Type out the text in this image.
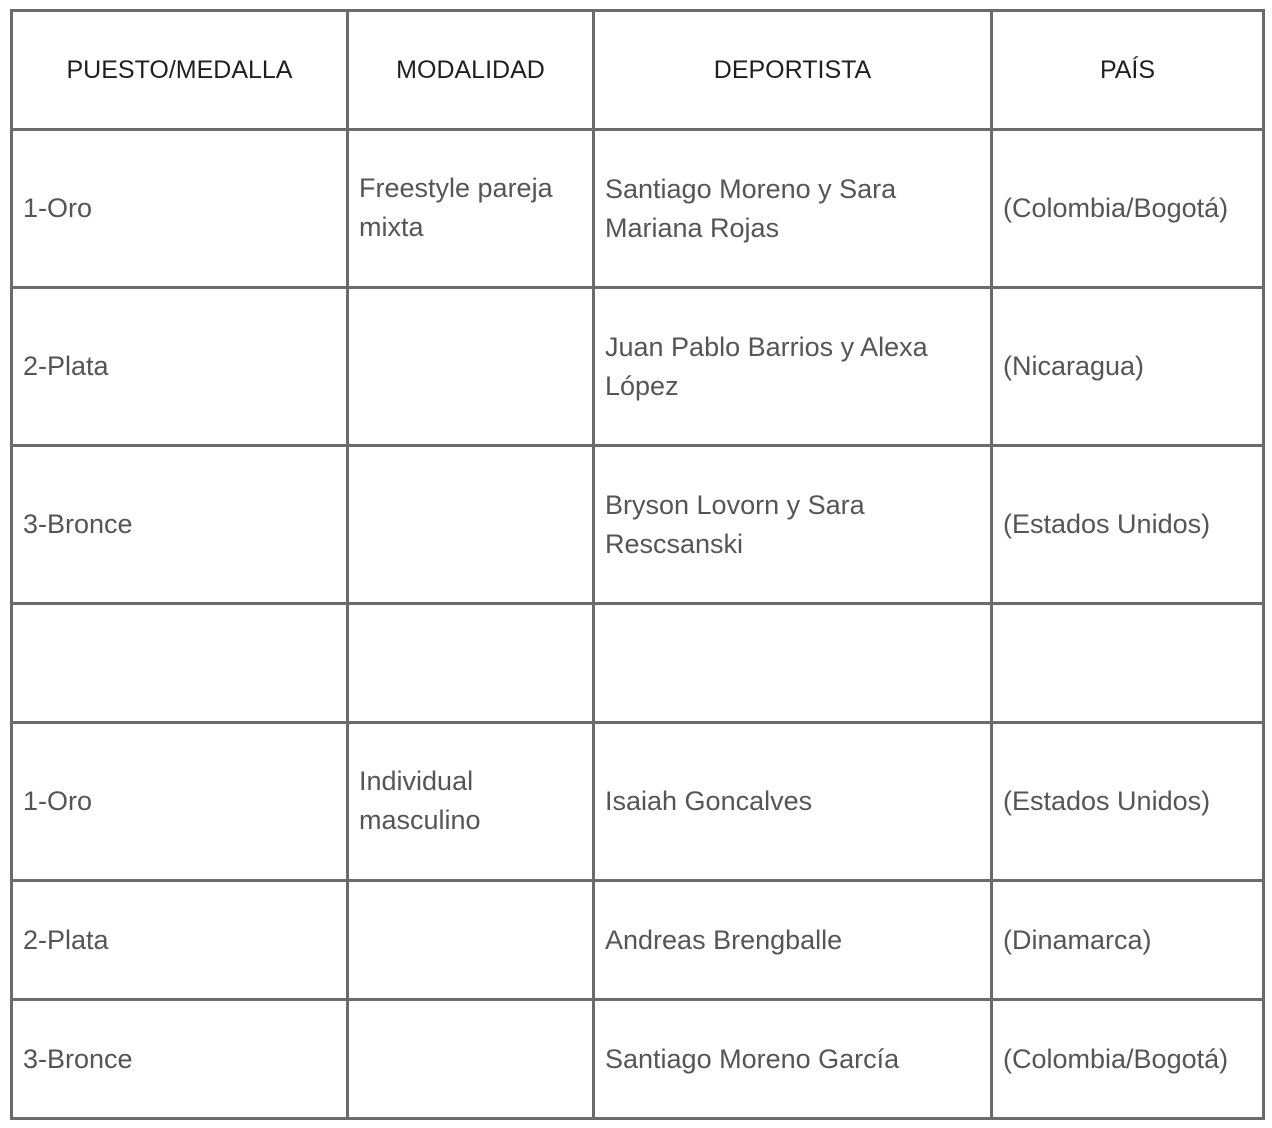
PUESTO/MEDALLA	MODALIDAD	DEPORTISTA	PAÍS
1-Oro	Freestyle pareja mixta	Santiago Moreno y Sara Mariana Rojas	(Colombia/Bogotá)
2-Plata		Juan Pablo Barrios y Alexa López	(Nicaragua)
3-Bronce		Bryson Lovorn y Sara Rescsanski	(Estados Unidos)

1-Oro	Individual masculino	Isaiah Goncalves	(Estados Unidos)
2-Plata		Andreas Brengballe	(Dinamarca)
3-Bronce		Santiago Moreno García	(Colombia/Bogotá)
